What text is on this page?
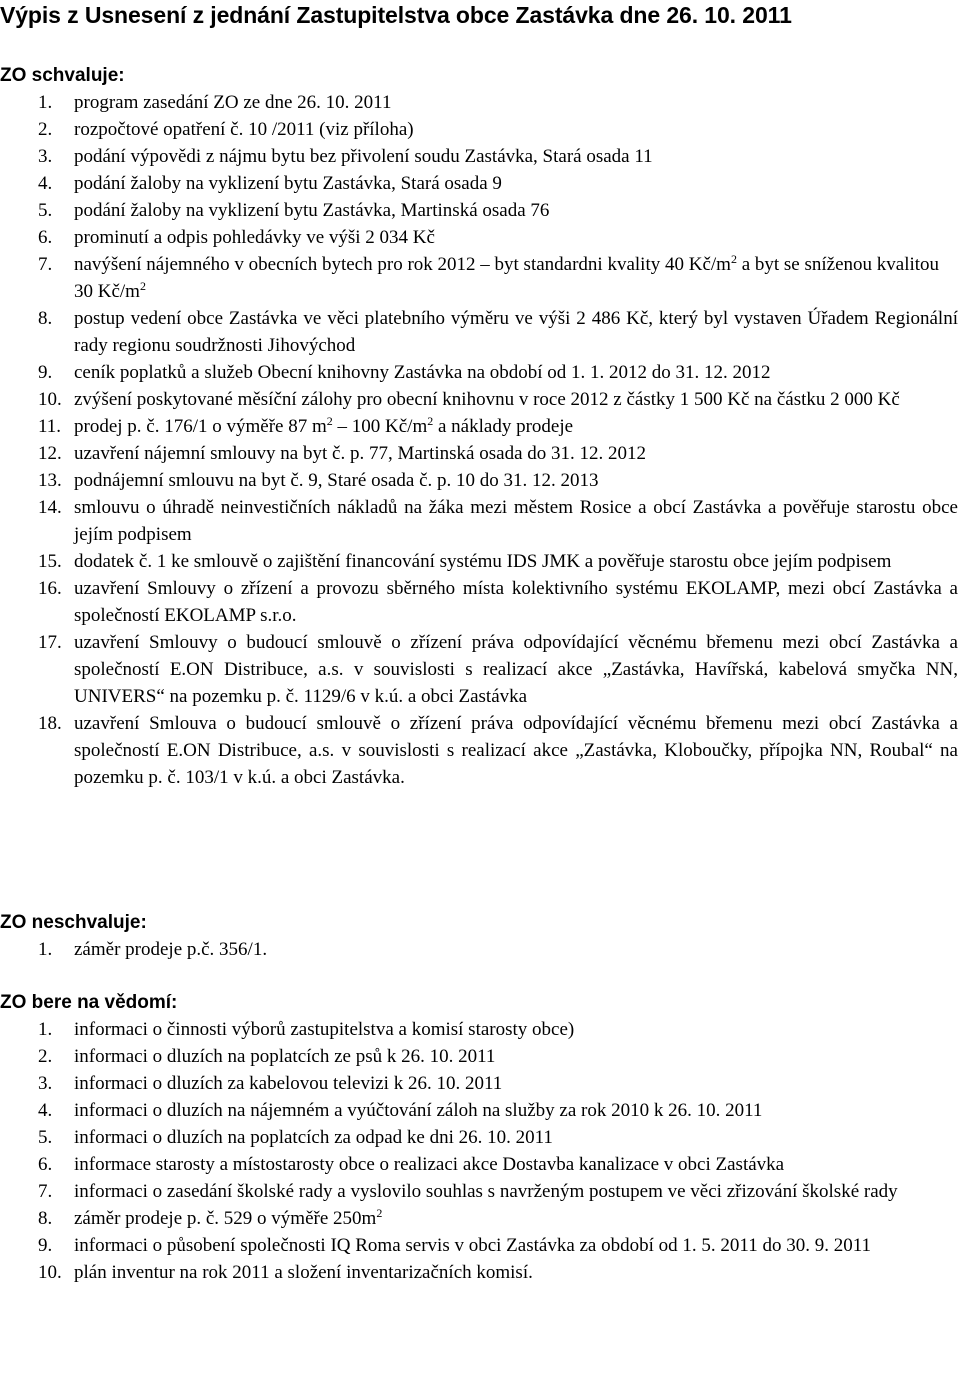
Výpis z Usnesení z jednání Zastupitelstva obce Zastávka dne 26. 10. 2011
ZO schvaluje:
1. program zasedání ZO ze dne 26. 10. 2011
2. rozpočtové opatření č. 10 /2011 (viz příloha)
3. podání výpovědi z nájmu bytu bez přivolení soudu Zastávka, Stará osada 11
4. podání žaloby na vyklizení bytu Zastávka, Stará osada 9
5. podání žaloby na vyklizení bytu Zastávka, Martinská osada 76
6. prominutí a odpis pohledávky ve výši 2 034 Kč
7. navýšení nájemného v obecních bytech pro rok 2012 – byt standardni kvality 40 $Kč/m^2$ a byt se sníženou kvalitou 30 $Kč/m^2$
8. postup vedení obce Zastávka ve věci platebního výměru ve výši 2 486 Kč, který byl vystaven Úřadem Regionální rady regionu soudržnosti Jihovýchod
9. ceník poplatků a služeb Obecní knihovny Zastávka na období od 1. 1. 2012 do 31. 12. 2012
10. zvýšení poskytované měsíční zálohy pro obecní knihovnu v roce 2012 z částky 1 500 Kč na částku 2 000 Kč
11. prodej p. č. 176/1 o výměře 87 $m^2 - 100$ $Kč/m^2$ a náklady prodeje
12. uzavření nájemní smlouvy na byt č. p. 77, Martinská osada do 31. 12. 2012
13. podnájemní smlouvu na byt č. 9, Staré osada č. p. 10 do 31. 12. 2013
14. smlouvu o úhradě neinvestičních nákladů na žáka mezi městem Rosice a obcí Zastávka a pověřuje starostu obce jejím podpisem
15. dodatek č. 1 ke smlouvě o zajištění financování systému IDS JMK a pověřuje starostu obce jejím podpisem
16. uzavření Smlouvy o zřízení a provozu sběrného místa kolektivního systému EKOLAMP, mezi obcí Zastávka a společností EKOLAMP s.r.o.
17. uzavření Smlouvy o budoucí smlouvě o zřízení práva odpovídající věcnému břemenu mezi obcí Zastávka a společností E.ON Distribuce, a.s. v souvislosti s realizací akce „Zastávka, Havířská, kabelová smyčka NN, UNIVERS“ na pozemku p. č. 1129/6 v k.ú. a obci Zastávka
18. uzavření Smlouva o budoucí smlouvě o zřízení práva odpovídající věcnému břemenu mezi obcí Zastávka a společností E.ON Distribuce, a.s. v souvislosti s realizací akce „Zastávka, Kloboučky, přípojka NN, Roubal“ na pozemku p. č. 103/1 v k.ú. a obci Zastávka.
ZO neschvaluje:
1. záměr prodeje p.č. 356/1.
ZO bere na vědomí:
1. informaci o činnosti výborů zastupitelstva a komisí starosty obce)
2. informaci o dluzích na poplatcích ze psů k 26. 10. 2011
3. informaci o dluzích za kabelovou televizi k 26. 10. 2011
4. informaci o dluzích na nájemném a vyúčtování záloh na služby za rok 2010 k 26. 10. 2011
5. informaci o dluzích na poplatcích za odpad ke dni 26. 10. 2011
6. informace starosty a místostarosty obce o realizaci akce Dostavba kanalizace v obci Zastávka
7. informaci o zasedání školské rady a vyslovilo souhlas s navrženým postupem ve věci zřizování školské rady
8. záměr prodeje p. č. 529 o výměře $250m^2$
9. informaci o působení společnosti IQ Roma servis v obci Zastávka za období od 1. 5. 2011 do 30. 9. 2011
10. plán inventur na rok 2011 a složení inventarizačních komisí.
